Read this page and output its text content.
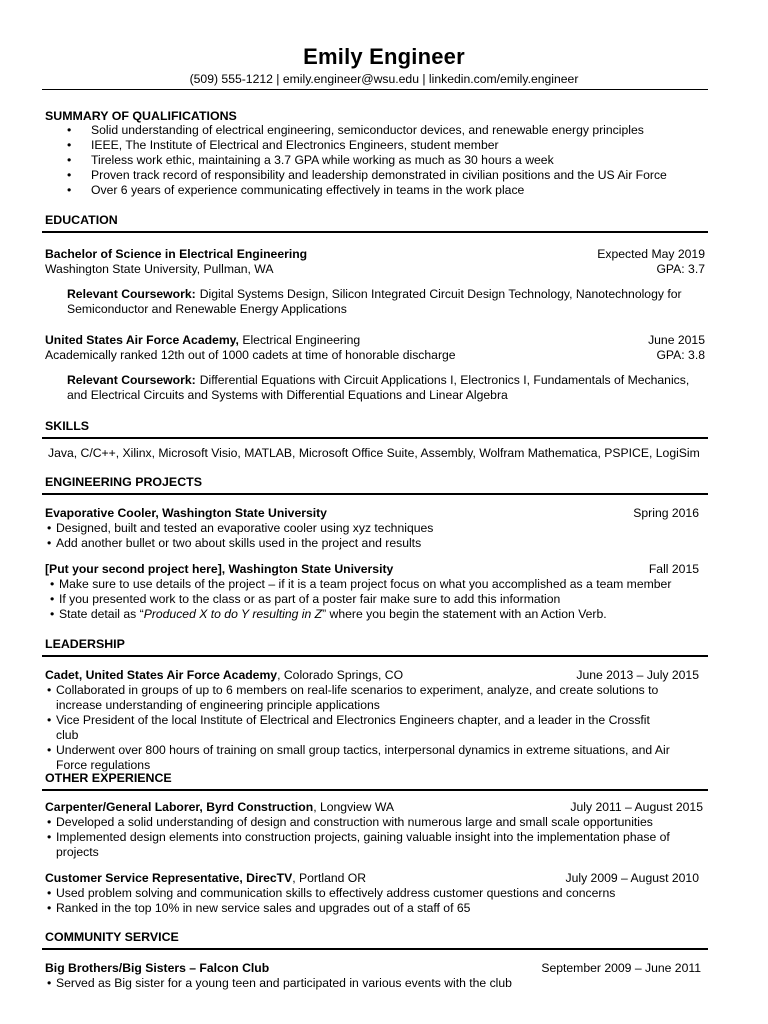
Emily Engineer
(509) 555-1212 | emily.engineer@wsu.edu | linkedin.com/emily.engineer
SUMMARY OF QUALIFICATIONS
• Solid understanding of electrical engineering, semiconductor devices, and renewable energy principles
• IEEE, The Institute of Electrical and Electronics Engineers, student member
• Tireless work ethic, maintaining a 3.7 GPA while working as much as 30 hours a week
• Proven track record of responsibility and leadership demonstrated in civilian positions and the US Air Force
• Over 6 years of experience communicating effectively in teams in the work place
EDUCATION
Bachelor of Science in Electrical Engineering	Expected May 2019
Washington State University, Pullman, WA	GPA: 3.7
Relevant Coursework: Digital Systems Design, Silicon Integrated Circuit Design Technology, Nanotechnology for Semiconductor and Renewable Energy Applications
United States Air Force Academy, Electrical Engineering	June 2015
Academically ranked 12th out of 1000 cadets at time of honorable discharge	GPA: 3.8
Relevant Coursework: Differential Equations with Circuit Applications I, Electronics I, Fundamentals of Mechanics, and Electrical Circuits and Systems with Differential Equations and Linear Algebra
SKILLS
Java, C/C++, Xilinx, Microsoft Visio, MATLAB, Microsoft Office Suite, Assembly, Wolfram Mathematica, PSPICE, LogiSim
ENGINEERING PROJECTS
Evaporative Cooler, Washington State University	Spring 2016
• Designed, built and tested an evaporative cooler using xyz techniques
• Add another bullet or two about skills used in the project and results
[Put your second project here], Washington State University	Fall 2015
• Make sure to use details of the project – if it is a team project focus on what you accomplished as a team member
• If you presented work to the class or as part of a poster fair make sure to add this information
• State detail as “Produced X to do Y resulting in Z” where you begin the statement with an Action Verb.
LEADERSHIP
Cadet, United States Air Force Academy, Colorado Springs, CO	June 2013 – July 2015
• Collaborated in groups of up to 6 members on real-life scenarios to experiment, analyze, and create solutions to increase understanding of engineering principle applications
• Vice President of the local Institute of Electrical and Electronics Engineers chapter, and a leader in the Crossfit club
• Underwent over 800 hours of training on small group tactics, interpersonal dynamics in extreme situations, and Air Force regulations
OTHER EXPERIENCE
Carpenter/General Laborer, Byrd Construction, Longview WA	July 2011 – August 2015
• Developed a solid understanding of design and construction with numerous large and small scale opportunities
• Implemented design elements into construction projects, gaining valuable insight into the implementation phase of projects
Customer Service Representative, DirecTV, Portland OR	July 2009 – August 2010
• Used problem solving and communication skills to effectively address customer questions and concerns
• Ranked in the top 10% in new service sales and upgrades out of a staff of 65
COMMUNITY SERVICE
Big Brothers/Big Sisters – Falcon Club	September 2009 – June 2011
• Served as Big sister for a young teen and participated in various events with the club
